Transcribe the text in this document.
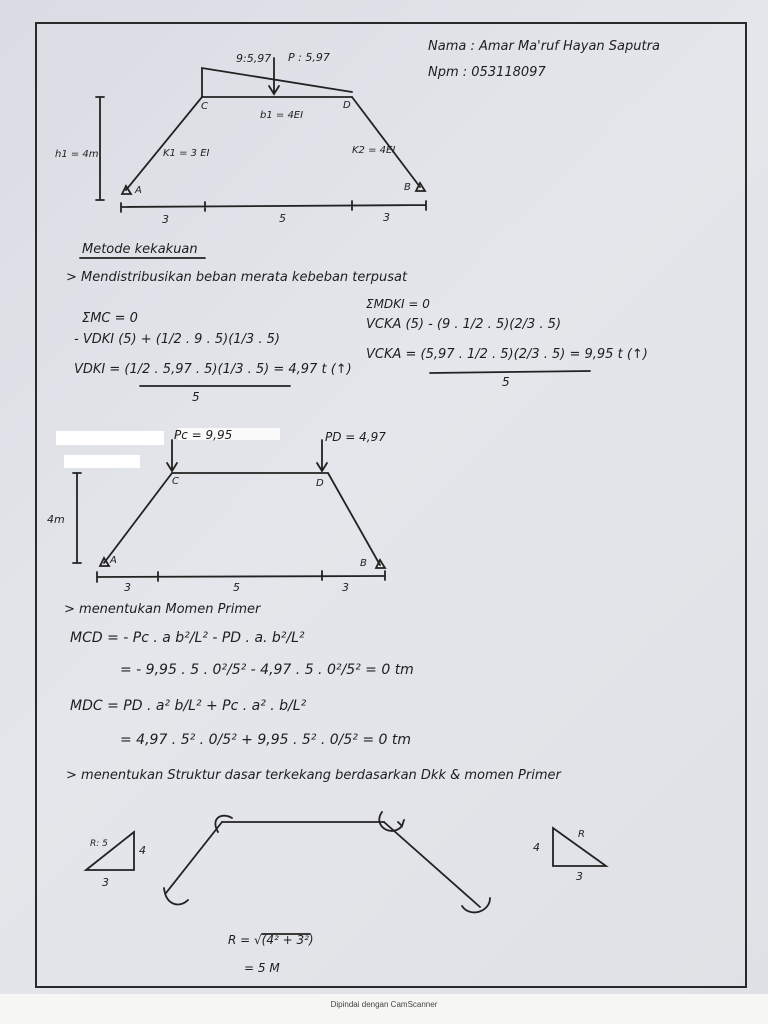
Nama : Amar Ma'ruf Hayan Saputra
Npm : 053118097
9:5,97 P : 5,97
C	D
A	B
b1 = 4EI
K1 = 3 EI	K2 = 4EI
h1 = 4m
3	5	3
Metode kekakuan
> Mendistribusikan beban merata kebeban terpusat
ΣMC = 0
- VDKI (5) + (1/2 . 9 . 5)(1/3 . 5)
VDKI = (1/2 . 5,97 . 5)(1/3 . 5) = 4,97 t (↑)
5
ΣMDKI = 0
VCKA (5) - (9 . 1/2 . 5)(2/3 . 5)
VCKA = (5,97 . 1/2 . 5)(2/3 . 5) = 9,95 t (↑)
5
Pc = 9,95	PD = 4,97
C	D
A	B
4m
3	5	3
> menentukan Momen Primer
MCD = - Pc . a b²/L² - PD . a. b²/L²
= - 9,95 . 5 . 0²/5² - 4,97 . 5 . 0²/5² = 0 tm
MDC = PD . a² b/L² + Pc . a² . b/L²
= 4,97 . 5² . 0/5² + 9,95 . 5² . 0/5² = 0 tm
> menentukan Struktur dasar terkekang berdasarkan Dkk & momen Primer
R: 5	4
3
4
R
3
R = √(4² + 3²)
= 5 M
Dipindai dengan CamScanner
